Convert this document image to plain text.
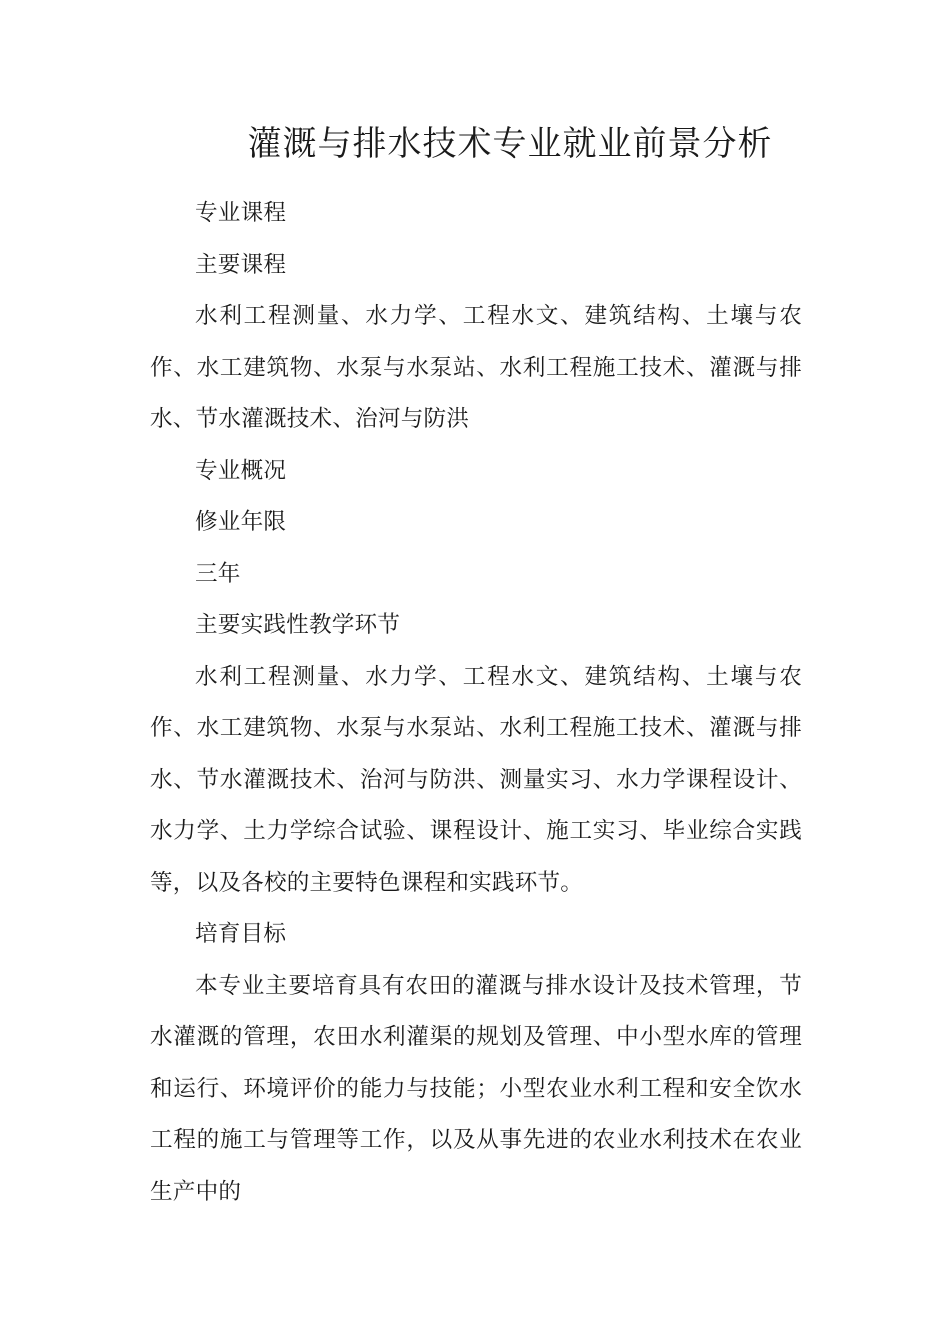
灌溉与排水技术专业就业前景分析

专业课程

主要课程

水利工程测量、水力学、工程水文、建筑结构、土壤与农作、水工建筑物、水泵与水泵站、水利工程施工技术、灌溉与排水、节水灌溉技术、治河与防洪

专业概况

修业年限

三年

主要实践性教学环节

水利工程测量、水力学、工程水文、建筑结构、土壤与农作、水工建筑物、水泵与水泵站、水利工程施工技术、灌溉与排水、节水灌溉技术、治河与防洪、测量实习、水力学课程设计、水力学、土力学综合试验、课程设计、施工实习、毕业综合实践等，以及各校的主要特色课程和实践环节。

培育目标

本专业主要培育具有农田的灌溉与排水设计及技术管理，节水灌溉的管理，农田水利灌渠的规划及管理、中小型水库的管理和运行、环境评价的能力与技能；小型农业水利工程和安全饮水工程的施工与管理等工作，以及从事先进的农业水利技术在农业生产中的
